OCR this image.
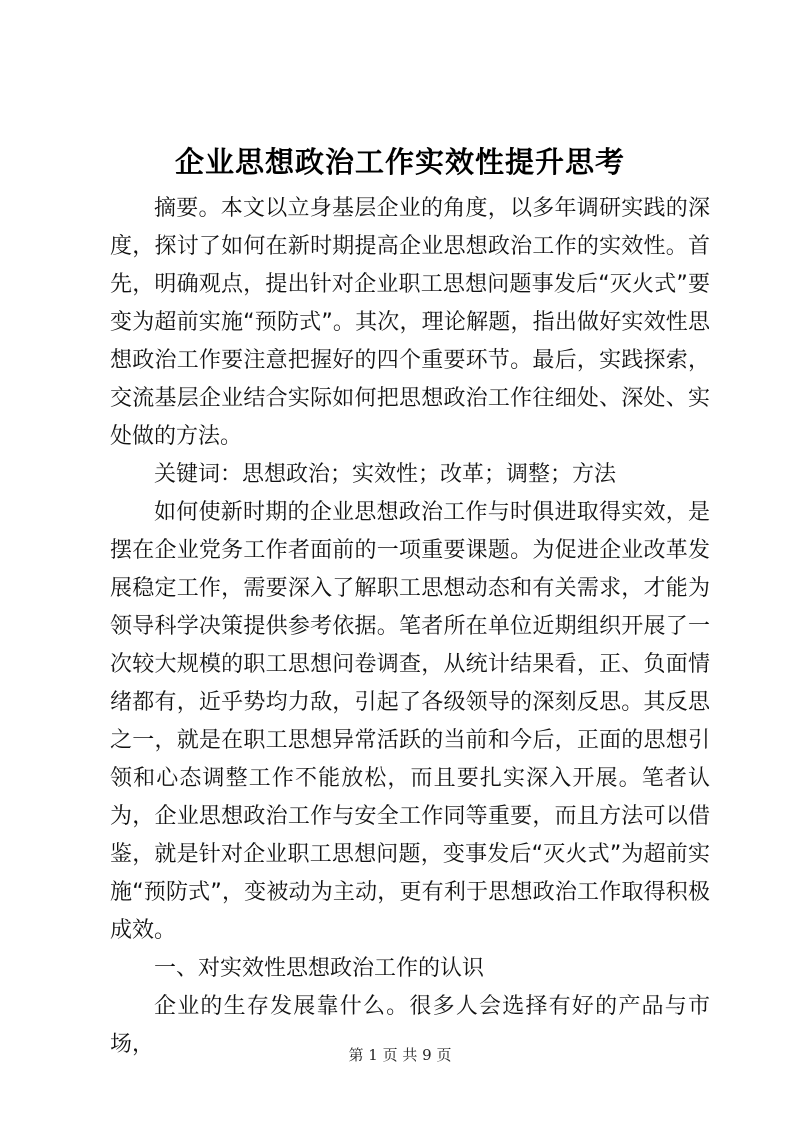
企业思想政治工作实效性提升思考

摘要。本文以立身基层企业的角度，以多年调研实践的深度，探讨了如何在新时期提高企业思想政治工作的实效性。首先，明确观点，提出针对企业职工思想问题事发后“灭火式”要变为超前实施“预防式”。其次，理论解题，指出做好实效性思想政治工作要注意把握好的四个重要环节。最后，实践探索，交流基层企业结合实际如何把思想政治工作往细处、深处、实处做的方法。

关键词：思想政治；实效性；改革；调整；方法

如何使新时期的企业思想政治工作与时俱进取得实效，是摆在企业党务工作者面前的一项重要课题。为促进企业改革发展稳定工作，需要深入了解职工思想动态和有关需求，才能为领导科学决策提供参考依据。笔者所在单位近期组织开展了一次较大规模的职工思想问卷调查，从统计结果看，正、负面情绪都有，近乎势均力敌，引起了各级领导的深刻反思。其反思之一，就是在职工思想异常活跃的当前和今后，正面的思想引领和心态调整工作不能放松，而且要扎实深入开展。笔者认为，企业思想政治工作与安全工作同等重要，而且方法可以借鉴，就是针对企业职工思想问题，变事发后“灭火式”为超前实施“预防式”，变被动为主动，更有利于思想政治工作取得积极成效。

一、对实效性思想政治工作的认识

企业的生存发展靠什么。很多人会选择有好的产品与市场，	第 1 页 共 9 页
